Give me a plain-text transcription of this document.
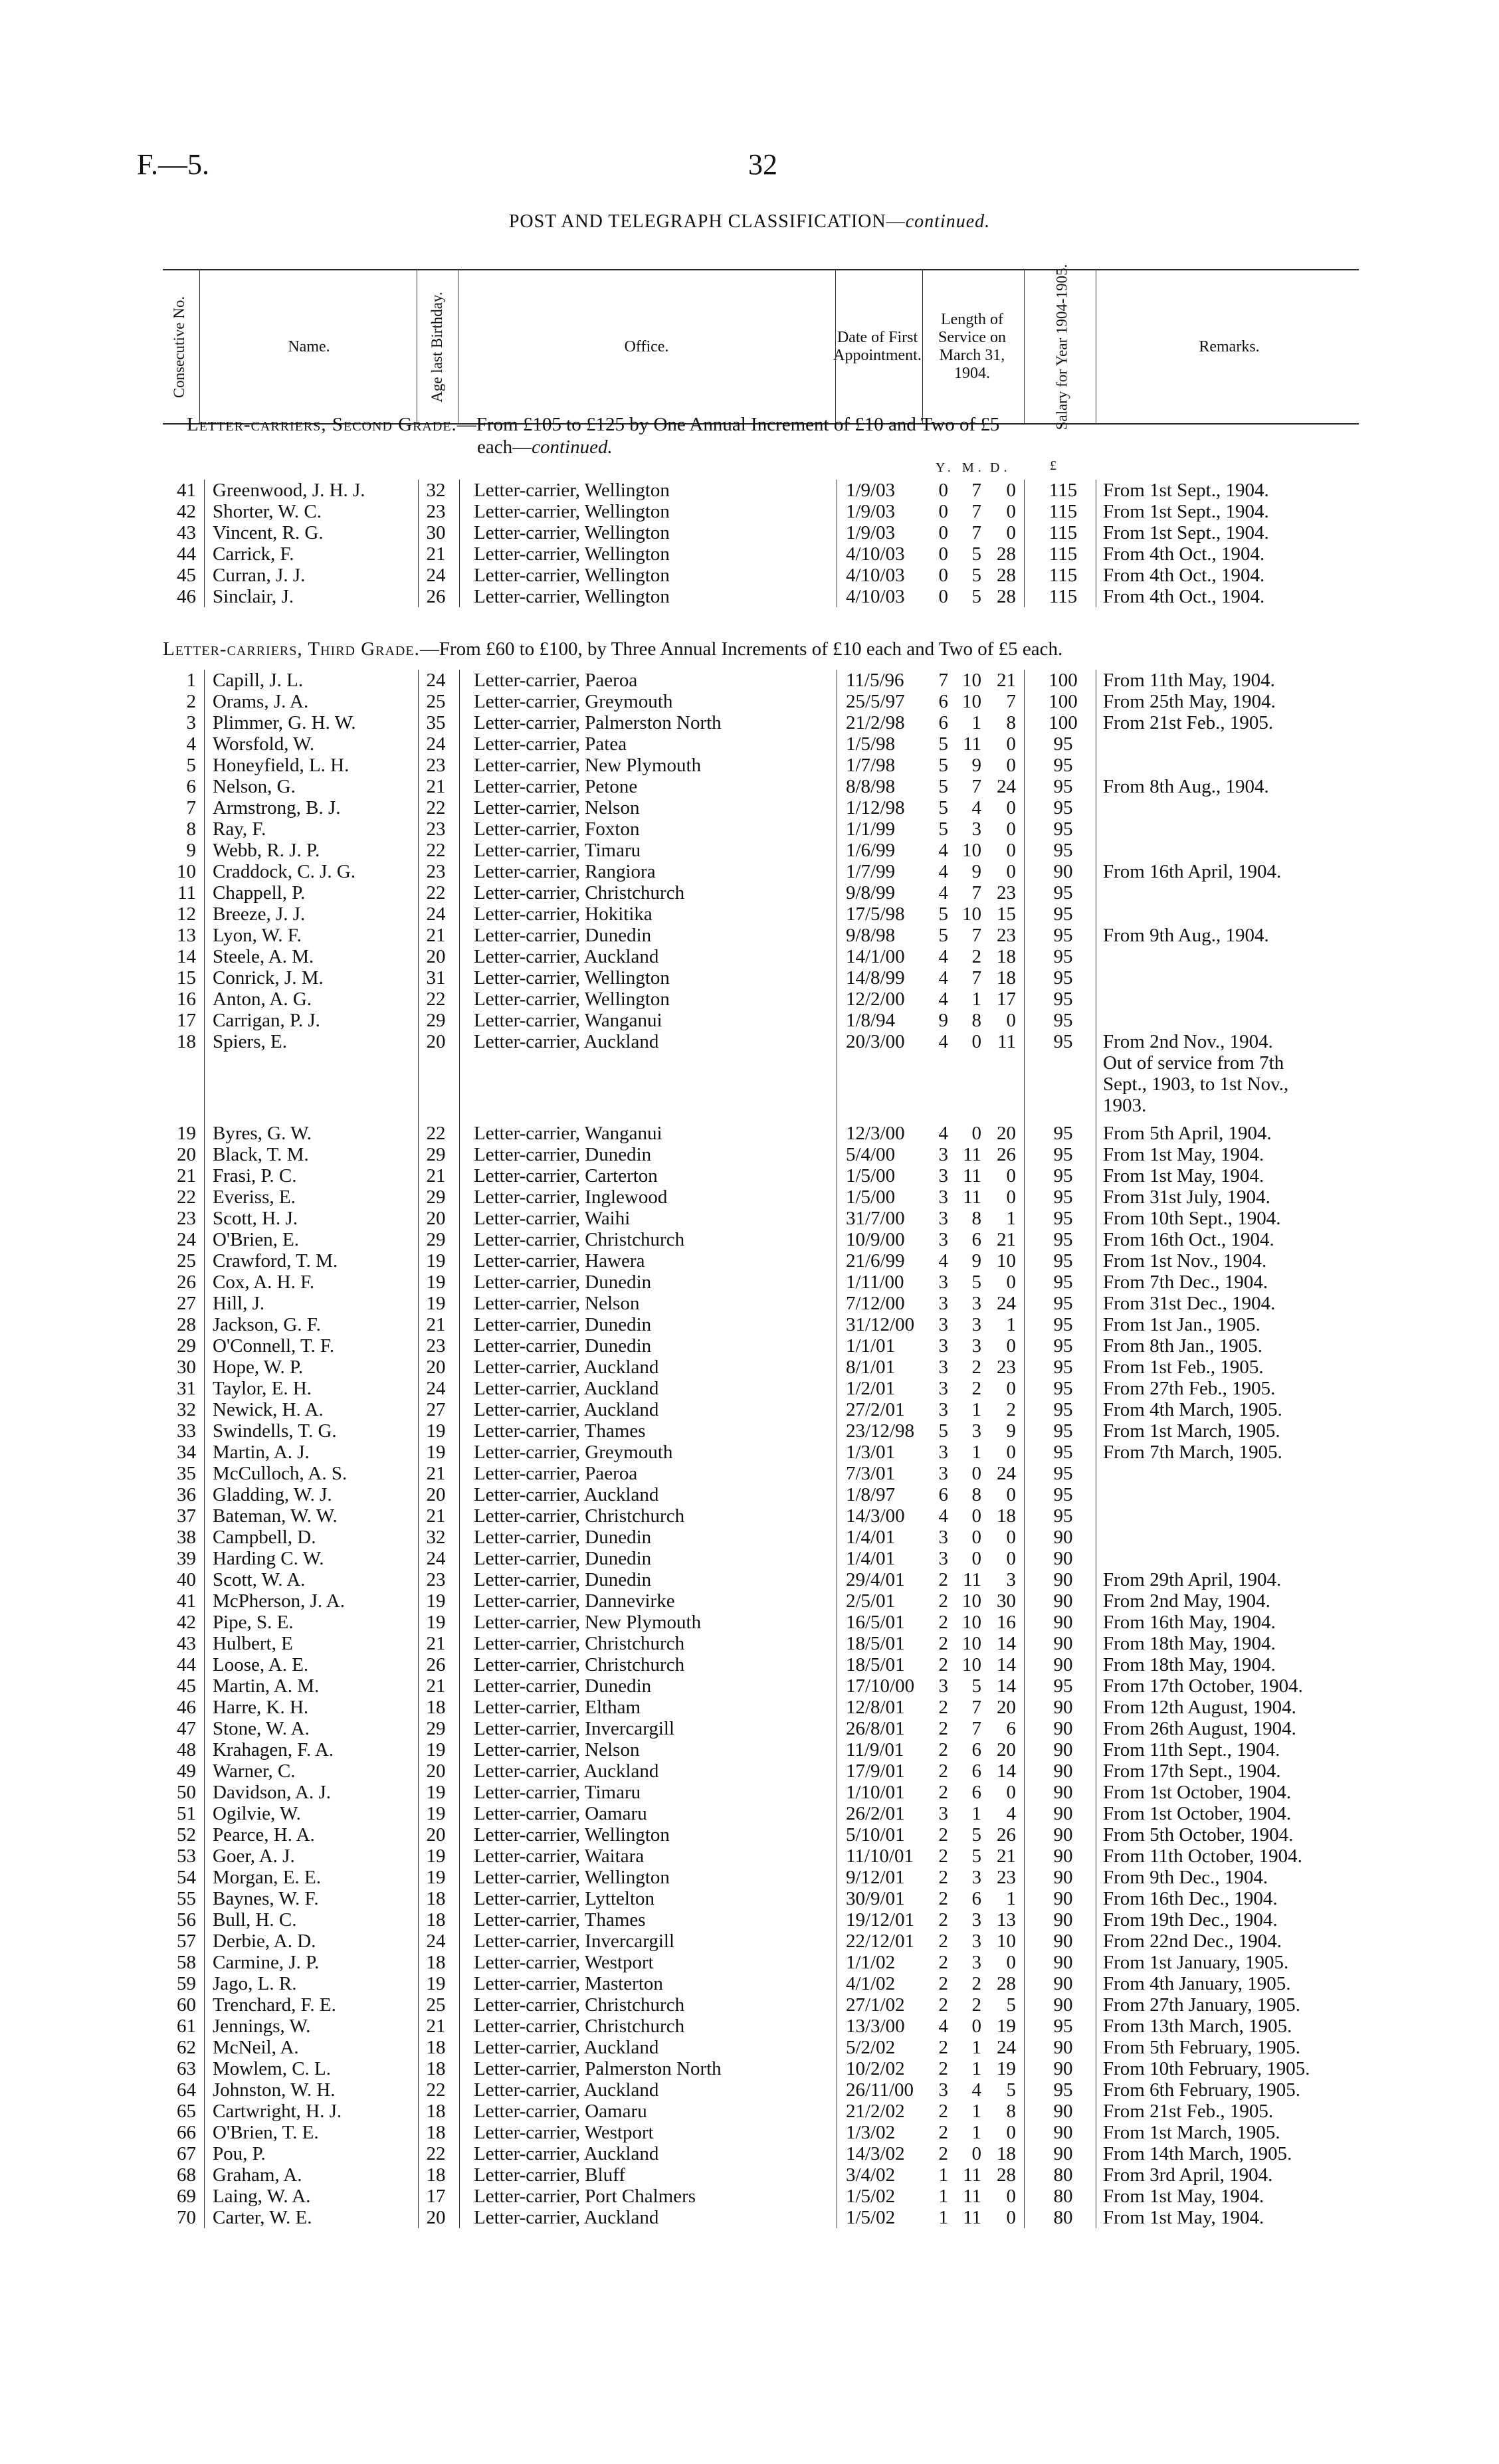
F.—5.	32
POST AND TELEGRAPH CLASSIFICATION—continued.
Consecutive No.	Name.	Age last Birthday.	Office.
Date of First Appointment.
Length of Service on March 31, 1904.	Salary for Year 1904-1905.	Remarks.
Letter-carriers, Second Grade.—From £105 to £125 by One Annual Increment of £10 and Two of £5
each—continued.
Y. M. D.	£
41 Greenwood, J. H. J.	32 Letter-carrier, Wellington	1/9/03	0	7	0	115	From 1st Sept., 1904.
42 Shorter, W. C.	23 Letter-carrier, Wellington	1/9/03	0	7	0	115	From 1st Sept., 1904.
43 Vincent, R. G.	30 Letter-carrier, Wellington	1/9/03	0	7	0	115	From 1st Sept., 1904.
44 Carrick, F.	21 Letter-carrier, Wellington	4/10/03	0	5 28	115	From 4th Oct., 1904.
45 Curran, J. J.	24 Letter-carrier, Wellington	4/10/03	0	5 28	115	From 4th Oct., 1904.
46 Sinclair, J.	26 Letter-carrier, Wellington	4/10/03	0	5 28	115	From 4th Oct., 1904.
Letter-carriers, Third Grade.—From £60 to £100, by Three Annual Increments of £10 each and Two of £5 each.
1 Capill, J. L.	24 Letter-carrier, Paeroa	11/5/96	7 10 21	100	From 11th May, 1904.
2 Orams, J. A.	25 Letter-carrier, Greymouth	25/5/97	6 10	7	100	From 25th May, 1904.
3 Plimmer, G. H. W.	35 Letter-carrier, Palmerston North	21/2/98	6	1	8	100	From 21st Feb., 1905.
4 Worsfold, W.	24 Letter-carrier, Patea	1/5/98	5 11	0	95
5 Honeyfield, L. H.	23 Letter-carrier, New Plymouth	1/7/98	5	9	0	95
6 Nelson, G.	21 Letter-carrier, Petone	8/8/98	5	7 24	95	From 8th Aug., 1904.
7 Armstrong, B. J.	22 Letter-carrier, Nelson	1/12/98	5	4	0	95
8 Ray, F.	23 Letter-carrier, Foxton	1/1/99	5	3	0	95
9 Webb, R. J. P.	22 Letter-carrier, Timaru	1/6/99	4 10	0	95
10 Craddock, C. J. G.	23 Letter-carrier, Rangiora	1/7/99	4	9	0	90	From 16th April, 1904.
11 Chappell, P.	22 Letter-carrier, Christchurch	9/8/99	4	7 23	95
12 Breeze, J. J.	24 Letter-carrier, Hokitika	17/5/98	5 10 15	95
13 Lyon, W. F.	21 Letter-carrier, Dunedin	9/8/98	5	7 23	95	From 9th Aug., 1904.
14 Steele, A. M.	20 Letter-carrier, Auckland	14/1/00	4	2 18	95
15 Conrick, J. M.	31 Letter-carrier, Wellington	14/8/99	4	7 18	95
16 Anton, A. G.	22 Letter-carrier, Wellington	12/2/00	4	1 17	95
17 Carrigan, P. J.	29 Letter-carrier, Wanganui	1/8/94	9	8	0	95
18 Spiers, E.	20 Letter-carrier, Auckland	20/3/00	4	0 11	95	From 2nd Nov., 1904.
Out of service from 7th
Sept., 1903, to 1st Nov.,
1903.
19 Byres, G. W.	22 Letter-carrier, Wanganui	12/3/00	4	0 20	95	From 5th April, 1904.
20 Black, T. M.	29 Letter-carrier, Dunedin	5/4/00	3 11 26	95	From 1st May, 1904.
21 Frasi, P. C.	21 Letter-carrier, Carterton	1/5/00	3 11	0	95	From 1st May, 1904.
22 Everiss, E.	29 Letter-carrier, Inglewood	1/5/00	3 11	0	95	From 31st July, 1904.
23 Scott, H. J.	20 Letter-carrier, Waihi	31/7/00	3	8	1	95	From 10th Sept., 1904.
24 O'Brien, E.	29 Letter-carrier, Christchurch	10/9/00	3	6 21	95	From 16th Oct., 1904.
25 Crawford, T. M.	19 Letter-carrier, Hawera	21/6/99	4	9 10	95	From 1st Nov., 1904.
26 Cox, A. H. F.	19 Letter-carrier, Dunedin	1/11/00	3	5	0	95	From 7th Dec., 1904.
27 Hill, J.	19 Letter-carrier, Nelson	7/12/00	3	3 24	95	From 31st Dec., 1904.
28 Jackson, G. F.	21 Letter-carrier, Dunedin	31/12/00	3	3	1	95	From 1st Jan., 1905.
29 O'Connell, T. F.	23 Letter-carrier, Dunedin	1/1/01	3	3	0	95	From 8th Jan., 1905.
30 Hope, W. P.	20 Letter-carrier, Auckland	8/1/01	3	2 23	95	From 1st Feb., 1905.
31 Taylor, E. H.	24 Letter-carrier, Auckland	1/2/01	3	2	0	95	From 27th Feb., 1905.
32 Newick, H. A.	27 Letter-carrier, Auckland	27/2/01	3	1	2	95	From 4th March, 1905.
33 Swindells, T. G.	19 Letter-carrier, Thames	23/12/98	5	3	9	95	From 1st March, 1905.
34 Martin, A. J.	19 Letter-carrier, Greymouth	1/3/01	3	1	0	95	From 7th March, 1905.
35 McCulloch, A. S.	21 Letter-carrier, Paeroa	7/3/01	3	0 24	95
36 Gladding, W. J.	20 Letter-carrier, Auckland	1/8/97	6	8	0	95
37 Bateman, W. W.	21 Letter-carrier, Christchurch	14/3/00	4	0 18	95
38 Campbell, D.	32 Letter-carrier, Dunedin	1/4/01	3	0	0	90
39 Harding C. W.	24 Letter-carrier, Dunedin	1/4/01	3	0	0	90
40 Scott, W. A.	23 Letter-carrier, Dunedin	29/4/01	2 11	3	90	From 29th April, 1904.
41 McPherson, J. A.	19 Letter-carrier, Dannevirke	2/5/01	2 10 30	90	From 2nd May, 1904.
42 Pipe, S. E.	19 Letter-carrier, New Plymouth	16/5/01	2 10 16	90	From 16th May, 1904.
43 Hulbert, E	21 Letter-carrier, Christchurch	18/5/01	2 10 14	90	From 18th May, 1904.
44 Loose, A. E.	26 Letter-carrier, Christchurch	18/5/01	2 10 14	90	From 18th May, 1904.
45 Martin, A. M.	21 Letter-carrier, Dunedin	17/10/00	3	5 14	95	From 17th October, 1904.
46 Harre, K. H.	18 Letter-carrier, Eltham	12/8/01	2	7 20	90	From 12th August, 1904.
47 Stone, W. A.	29 Letter-carrier, Invercargill	26/8/01	2	7	6	90	From 26th August, 1904.
48 Krahagen, F. A.	19 Letter-carrier, Nelson	11/9/01	2	6 20	90	From 11th Sept., 1904.
49 Warner, C.	20 Letter-carrier, Auckland	17/9/01	2	6 14	90	From 17th Sept., 1904.
50 Davidson, A. J.	19 Letter-carrier, Timaru	1/10/01	2	6	0	90	From 1st October, 1904.
51 Ogilvie, W.	19 Letter-carrier, Oamaru	26/2/01	3	1	4	90	From 1st October, 1904.
52 Pearce, H. A.	20 Letter-carrier, Wellington	5/10/01	2	5 26	90	From 5th October, 1904.
53 Goer, A. J.	19 Letter-carrier, Waitara	11/10/01	2	5 21	90	From 11th October, 1904.
54 Morgan, E. E.	19 Letter-carrier, Wellington	9/12/01	2	3 23	90	From 9th Dec., 1904.
55 Baynes, W. F.	18 Letter-carrier, Lyttelton	30/9/01	2	6	1	90	From 16th Dec., 1904.
56 Bull, H. C.	18 Letter-carrier, Thames	19/12/01	2	3 13	90	From 19th Dec., 1904.
57 Derbie, A. D.	24 Letter-carrier, Invercargill	22/12/01	2	3 10	90	From 22nd Dec., 1904.
58 Carmine, J. P.	18 Letter-carrier, Westport	1/1/02	2	3	0	90	From 1st January, 1905.
59 Jago, L. R.	19 Letter-carrier, Masterton	4/1/02	2	2 28	90	From 4th January, 1905.
60 Trenchard, F. E.	25 Letter-carrier, Christchurch	27/1/02	2	2	5	90	From 27th January, 1905.
61 Jennings, W.	21 Letter-carrier, Christchurch	13/3/00	4	0 19	95	From 13th March, 1905.
62 McNeil, A.	18 Letter-carrier, Auckland	5/2/02	2	1 24	90	From 5th February, 1905.
63 Mowlem, C. L.	18 Letter-carrier, Palmerston North	10/2/02	2	1 19	90	From 10th February, 1905.
64 Johnston, W. H.	22 Letter-carrier, Auckland	26/11/00	3	4	5	95	From 6th February, 1905.
65 Cartwright, H. J.	18 Letter-carrier, Oamaru	21/2/02	2	1	8	90	From 21st Feb., 1905.
66 O'Brien, T. E.	18 Letter-carrier, Westport	1/3/02	2	1	0	90	From 1st March, 1905.
67 Pou, P.	22 Letter-carrier, Auckland	14/3/02	2	0 18	90	From 14th March, 1905.
68 Graham, A.	18 Letter-carrier, Bluff	3/4/02	1 11 28	80	From 3rd April, 1904.
69 Laing, W. A.	17 Letter-carrier, Port Chalmers	1/5/02	1 11	0	80	From 1st May, 1904.
70 Carter, W. E.	20 Letter-carrier, Auckland	1/5/02	1 11	0	80	From 1st May, 1904.
